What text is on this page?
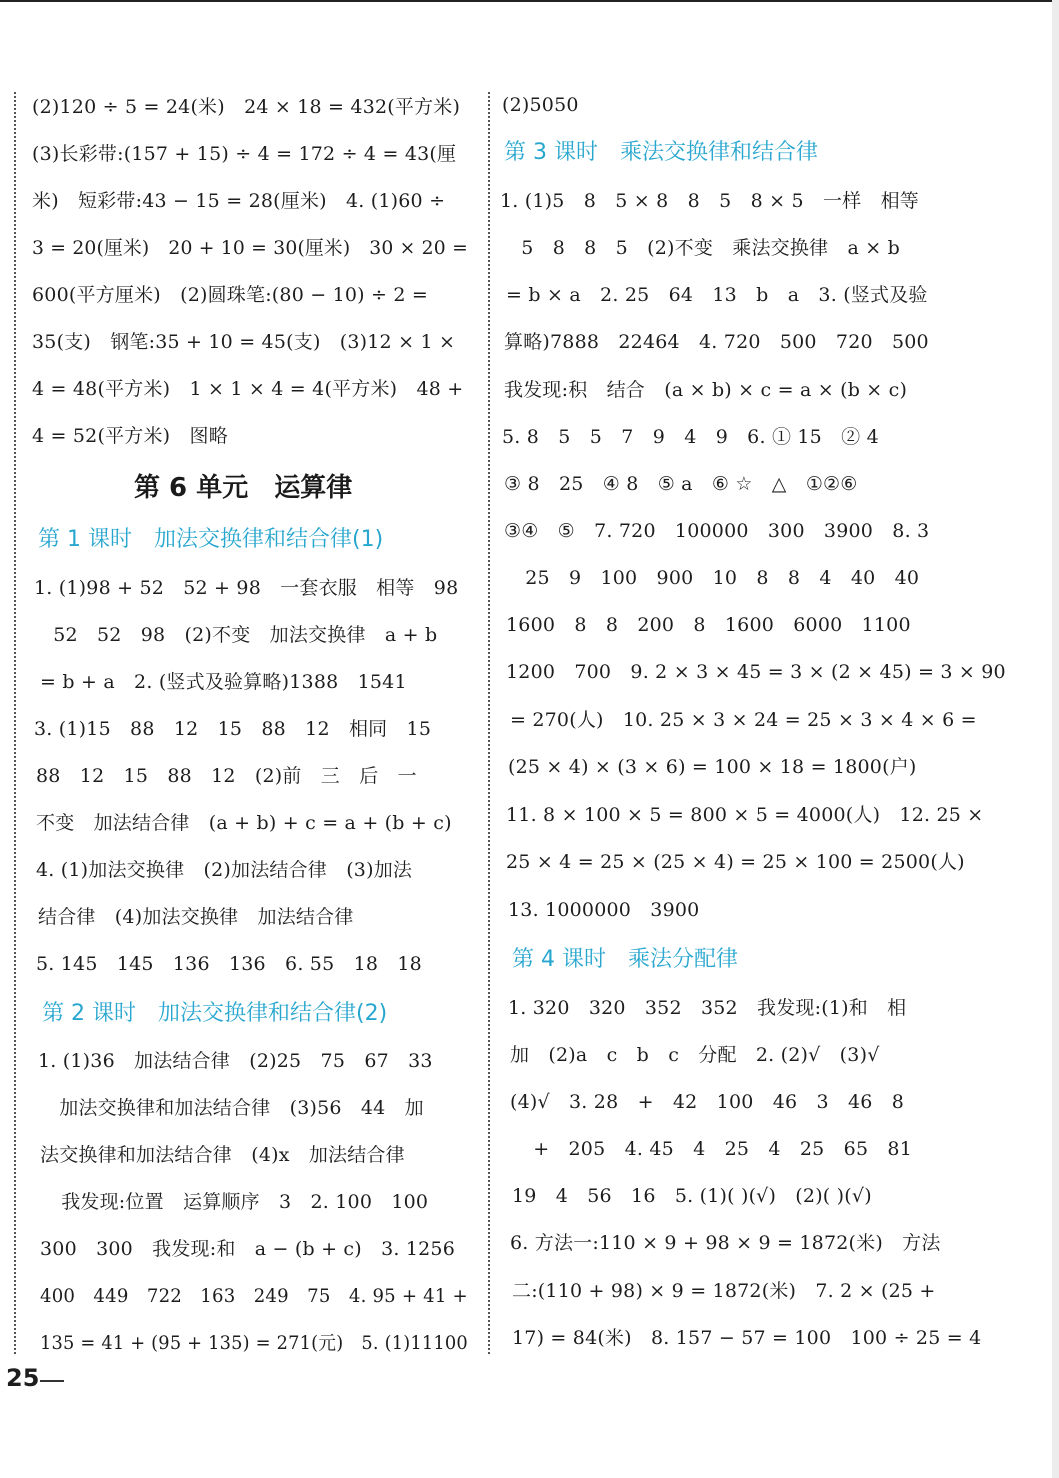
(2)120 ÷ 5 = 24(米)　24 × 18 = 432(平方米)
(3)长彩带:(157 + 15) ÷ 4 = 172 ÷ 4 = 43(厘
米)　短彩带:43 − 15 = 28(厘米)　4. (1)60 ÷
3 = 20(厘米)　20 + 10 = 30(厘米)　30 × 20 =
600(平方厘米)　(2)圆珠笔:(80 − 10) ÷ 2 =
35(支)　钢笔:35 + 10 = 45(支)　(3)12 × 1 ×
4 = 48(平方米)　1 × 1 × 4 = 4(平方米)　48 +
4 = 52(平方米)　图略
第 6 单元　运算律
第 1 课时　加法交换律和结合律(1)
1. (1)98 + 52　52 + 98　一套衣服　相等　98
　52　52　98　(2)不变　加法交换律　a + b
= b + a　2. (竖式及验算略)1388　1541
3. (1)15　88　12　15　88　12　相同　15
88　12　15　88　12　(2)前　三　后　一
不变　加法结合律　(a + b) + c = a + (b + c)
4. (1)加法交换律　(2)加法结合律　(3)加法
结合律　(4)加法交换律　加法结合律
5. 145　145　136　136　6. 55　18　18
第 2 课时　加法交换律和结合律(2)
1. (1)36　加法结合律　(2)25　75　67　33
　加法交换律和加法结合律　(3)56　44　加
法交换律和加法结合律　(4)x　加法结合律
　我发现:位置　运算顺序　3　2. 100　100
300　300　我发现:和　a − (b + c)　3. 1256
400　449　722　163　249　75　4. 95 + 41 +
135 = 41 + (95 + 135) = 271(元)　5. (1)11100
(2)5050
第 3 课时　乘法交换律和结合律
1. (1)5　8　5 × 8　8　5　8 × 5　一样　相等
　5　8　8　5　(2)不变　乘法交换律　a × b
= b × a　2. 25　64　13　b　a　3. (竖式及验
算略)7888　22464　4. 720　500　720　500
我发现:积　结合　(a × b) × c = a × (b × c)
5. 8　5　5　7　9　4　9　6. ① 15　② 4
③ 8　25　④ 8　⑤ a　⑥ ☆　△　①②⑥
③④　⑤　7. 720　100000　300　3900　8. 3
　25　9　100　900　10　8　8　4　40　40
1600　8　8　200　8　1600　6000　1100
1200　700　9. 2 × 3 × 45 = 3 × (2 × 45) = 3 × 90
= 270(人)　10. 25 × 3 × 24 = 25 × 3 × 4 × 6 =
(25 × 4) × (3 × 6) = 100 × 18 = 1800(户)
11. 8 × 100 × 5 = 800 × 5 = 4000(人)　12. 25 ×
25 × 4 = 25 × (25 × 4) = 25 × 100 = 2500(人)
13. 1000000　3900
第 4 课时　乘法分配律
1. 320　320　352　352　我发现:(1)和　相
加　(2)a　c　b　c　分配　2. (2)√　(3)√
(4)√　3. 28　+　42　100　46　3　46　8
　+　205　4. 45　4　25　4　25　65　81
19　4　56　16　5. (1)( )(√)　(2)( )(√)
6. 方法一:110 × 9 + 98 × 9 = 1872(米)　方法
二:(110 + 98) × 9 = 1872(米)　7. 2 × (25 +
17) = 84(米)　8. 157 − 57 = 100　100 ÷ 25 = 4
25
